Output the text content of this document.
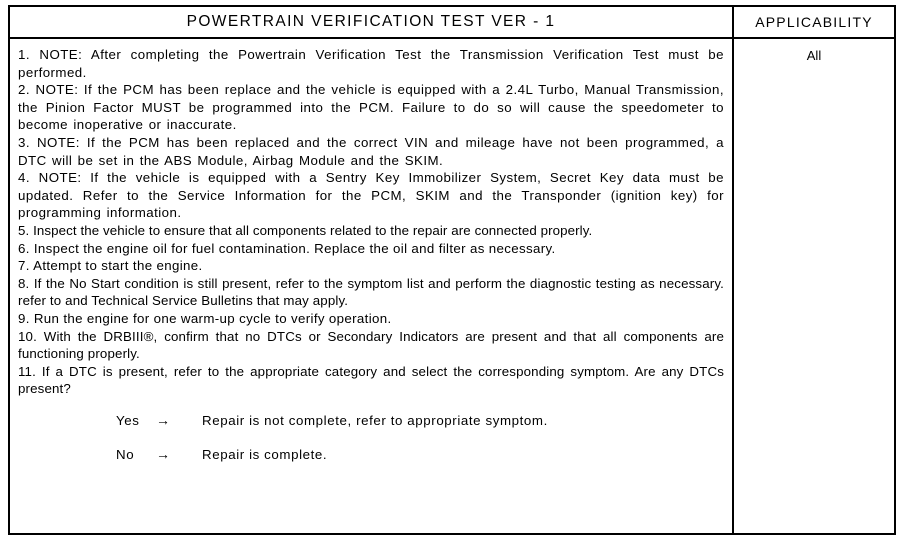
POWERTRAIN VERIFICATION TEST VER - 1	APPLICABILITY

1. NOTE: After completing the Powertrain Verification Test the Transmission Verification Test must be performed.

2. NOTE: If the PCM has been replace and the vehicle is equipped with a 2.4L Turbo, Manual Transmission, the Pinion Factor MUST be programmed into the PCM. Failure to do so will cause the speedometer to become inoperative or inaccurate.

3. NOTE: If the PCM has been replaced and the correct VIN and mileage have not been programmed, a DTC will be set in the ABS Module, Airbag Module and the SKIM.

4. NOTE: If the vehicle is equipped with a Sentry Key Immobilizer System, Secret Key data must be updated. Refer to the Service Information for the PCM, SKIM and the Transponder (ignition key) for programming information.

5. Inspect the vehicle to ensure that all components related to the repair are connected properly.

6. Inspect the engine oil for fuel contamination. Replace the oil and filter as necessary.

7. Attempt to start the engine.

8. If the No Start condition is still present, refer to the symptom list and perform the diagnostic testing as necessary. refer to and Technical Service Bulletins that may apply.

9. Run the engine for one warm-up cycle to verify operation.

10. With the DRBIII®, confirm that no DTCs or Secondary Indicators are present and that all components are functioning properly.

11. If a DTC is present, refer to the appropriate category and select the corresponding symptom. Are any DTCs present?

Yes	→	Repair is not complete, refer to appropriate symptom.
No	→	Repair is complete.
All
